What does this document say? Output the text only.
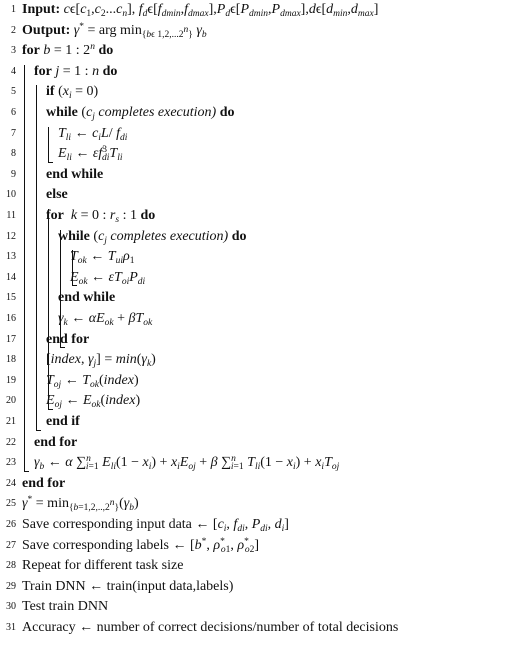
1 Input: $c\epsilon[c_1,c_2...c_n]$, $f_d\epsilon[f_{dmin},f_{dmax}],P_d\epsilon[P_{dmin},P_{dmax}],d\epsilon[d_{min},d_{max}]$
2 Output: γ* = arg $\min_{\{b\epsilon 1,2,...2^n\}} \gamma_b$
3 for b = 1 : 2$^n$ do
4 for j = 1 : n do
5 if $(x_i = 0)$
6 while ($c_j$ completes execution) do
7	$T_{li}$ ← $c_iL/$ $f_{di}$
8	$E_{li}$ ← $\varepsilon f^3_{di}T_{li}$
9 end while
10 else
11 for k = 0 : $r_s$ : 1 do
12	while ($c_j$ completes execution) do
13	$T_{ok}$ ← $T_{ui}\rho_1$
14	$E_{ok}$ ← $\varepsilon T_{oi}P_{di}$
15	end while
16	$\gamma_k$ ← $\alpha E_{ok} + \beta T_{ok}$
17 end for
18 [index, $\gamma_j] = \min(\gamma_k)$
19 $T_{oj}$ ← $T_{ok}(index)$
20 $E_{oj}$ ← $E_{ok}(index)$
21 end if
22 end for
23 $\gamma_b$ ← α ∑$^n_{i=1}$ $E_{li}(1 - x_i) + x_iE_{oj} + \beta$ ∑$^n_{i=1}$ $T_{li}(1 - x_i) + x_iT_{oj}$
24 end for
25 $\gamma^* = \min_{\{b=1,2,..,2^n\}}(\gamma_b)$
26 Save corresponding input data ← [$c_i$, $f_{di}$, $P_{di}$, $d_i$]
27 Save corresponding labels ← [b*, $\rho^*_{o1}$, $\rho^*_{o2}$]
28 Repeat for different task size
29 Train DNN ← train(input data,labels)
30 Test train DNN
31 Accuracy ← number of correct decisions/number of total decisions
